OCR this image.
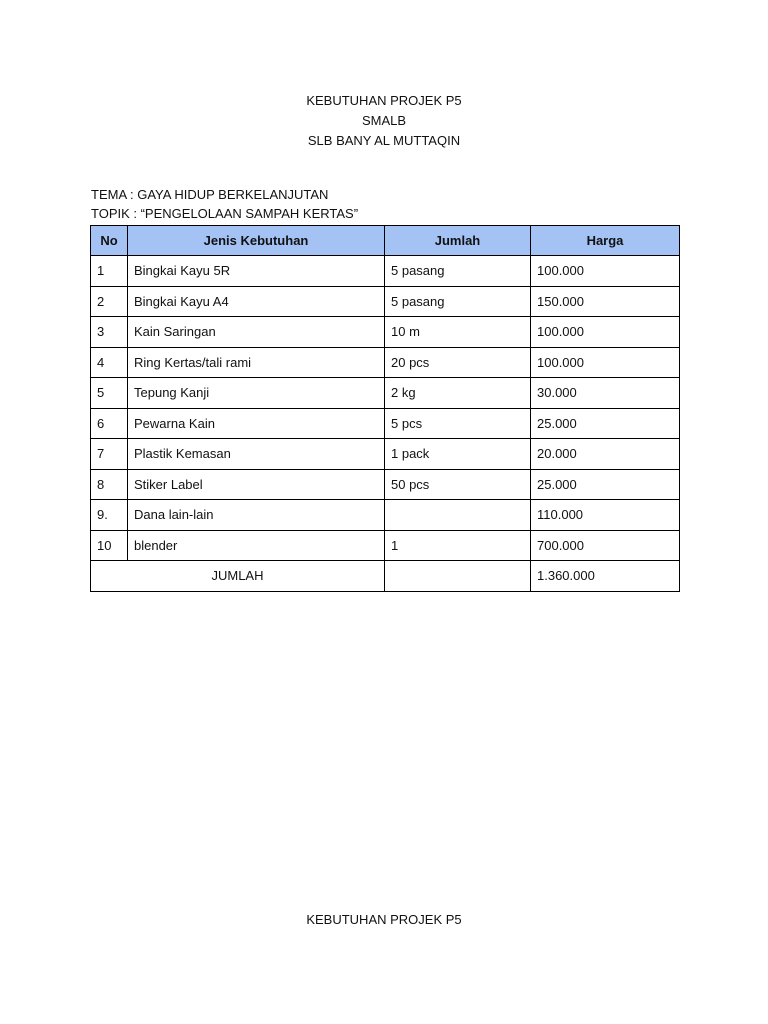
KEBUTUHAN PROJEK P5
SMALB
SLB BANY AL MUTTAQIN
TEMA : GAYA HIDUP BERKELANJUTAN
TOPIK : “PENGELOLAAN SAMPAH KERTAS”
No	Jenis Kebutuhan	Jumlah	Harga
1	Bingkai Kayu 5R	5 pasang	100.000
2	Bingkai Kayu A4	5 pasang	150.000
3	Kain Saringan	10 m	100.000
4	Ring Kertas/tali rami	20 pcs	100.000
5	Tepung Kanji	2 kg	30.000
6	Pewarna Kain	5 pcs	25.000
7	Plastik Kemasan	1 pack	20.000
8	Stiker Label	50 pcs	25.000
9.	Dana lain-lain		110.000
10	blender	1	700.000
JUMLAH			1.360.000
KEBUTUHAN PROJEK P5
